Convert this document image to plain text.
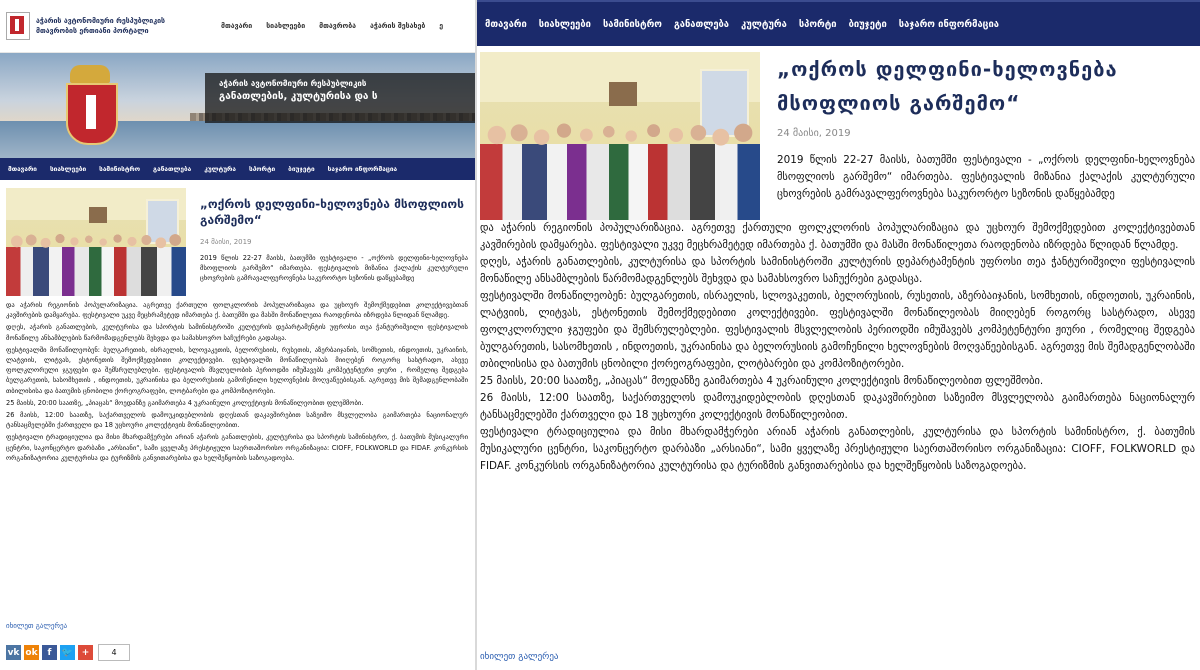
აჭარის ავტონომიური რესპუბლიკის
მთავრობის ერთიანი პორტალი
მთავარი სიახლეები მთავრობა აჭარის შესახებ ე
აჭარის ავტონომიური რესპუბლიკის
განათლების, კულტურისა და ს
მთავარი სიახლეები სამინისტრო განათლება კულტურა სპორტი ბიუჯეტი საჯარო ინფორმაცია
„ოქროს დელფინი-ხელოვნება მსოფლიოს გარშემო“
24 მაისი, 2019
2019 წლის 22-27 მაისს, ბათუმში ფესტივალი - „ოქროს დელფინი-ხელოვნება მსოფლიოს გარშემო“ იმართება. ფესტივალის მიზანია ქალაქის კულტურული ცხოვრების გამრავალფეროვნება საკურორტო სეზონის დაწყებამდე

და აჭარის რეგიონის პოპულარიზაცია. აგრეთვე ქართული ფოლკლორის პოპულარიზაცია და უცხოურ შემოქმედებით კოლექტივებთან კავშირების დამყარება. ფესტივალი უკვე მეცხრამეტედ იმართება ქ. ბათუმში და მასში მონაწილეთა რაოდენობა იზრდება წლიდან წლამდე.

დღეს, აჭარის განათლების, კულტურისა და სპორტის სამინისტროში კულტურის დეპარტამენტის უფროსი თეა ჭანტურიშვილი ფესტივალის მონაწილე ანსამბლების წარმომადგენლებს შეხვდა და სამახსოვრო საჩუქრები გადასცა.

ფესტივალში მონაწილეობენ: ბულგარეთის, ისრაელის, სლოვაკეთის, ბელორუსიის, რუსეთის, აზერბაიჯანის, სომხეთის, ინდოეთის, უკრაინის, ლატვიის, ლიტვას, ესტონეთის შემოქმედებითი კოლექტივები. ფესტივალში მონაწილეობას მიიღებენ როგორც სასტრადო, ასევე ფოლკლორული ჯგუფები და შემსრულებლები. ფესტივალის მსვლელობის პერიოდში იმუშავებს კომპეტენტური ჟიური , რომელიც შედგება ბულგარეთის, სასომხეთის , ინდოეთის, უკრაინისა და ბელორუსიის გამოჩენილი ხელოვნების მოღვაწეებისგან. აგრეთვე მის შემადგენლობაში თბილისისა და ბათუმის ცნობილი ქორეოგრაფები, ლოტბარები და კომპოზიტორები.

25 მაისს, 20:00 საათზე, „პიაცას“ მოედანზე გაიმართება 4 უკრაინული კოლექტივის მონაწილეობით ფლეშმობი.

26 მაისს, 12:00 საათზე, საქართველოს დამოუკიდებლობის დღესთან დაკავშირებით საზეიმო მსვლელობა გაიმართება ნაციონალურ ტანსაცმელებში ქართველი და 18 უცხოური კოლექტივის მონაწილეობით.

ფესტივალი ტრადიციულია და მისი მხარდამჭერები არიან აჭარის განათლების, კულტურისა და სპორტის სამინისტრო, ქ. ბათუმის მუსიკალური ცენტრი, საკონცერტო დარბაზი „არსიანი“, სამი ყველაზე პრესტიჟული საერთაშორისო ორგანიზაცია: CIOFF, FOLKWORLD და FIDAF. კონკურსის ორგანიზატორია კულტურისა და ტურიზმის განვითარებისა და ხელშეწყობის საზოგადოება.

იხილეთ გალერეა
vk ok	f	🐦 +	4
მთავარი	სიახლეები	სამინისტრო	განათლება	კულტურა	სპორტი	ბიუჯეტი	საჯარო ინფორმაცია
„ოქროს დელფინი-ხელოვნება მსოფლიოს გარშემო“
24 მაისი, 2019
2019 წლის 22-27 მაისს, ბათუმში ფესტივალი - „ოქროს დელფინი-ხელოვნება მსოფლიოს გარშემო“ იმართება. ფესტივალის მიზანია ქალაქის კულტურული ცხოვრების გამრავალფეროვნება საკურორტო სეზონის დაწყებამდე

და აჭარის რეგიონის პოპულარიზაცია. აგრეთვე ქართული ფოლკლორის პოპულარიზაცია და უცხოურ შემოქმედებით კოლექტივებთან კავშირების დამყარება. ფესტივალი უკვე მეცხრამეტედ იმართება ქ. ბათუმში და მასში მონაწილეთა რაოდენობა იზრდება წლიდან წლამდე.

დღეს, აჭარის განათლების, კულტურისა და სპორტის სამინისტროში კულტურის დეპარტამენტის უფროსი თეა ჭანტურიშვილი ფესტივალის მონაწილე ანსამბლების წარმომადგენლებს შეხვდა და სამახსოვრო საჩუქრები გადასცა.

ფესტივალში მონაწილეობენ: ბულგარეთის, ისრაელის, სლოვაკეთის, ბელორუსიის, რუსეთის, აზერბაიჯანის, სომხეთის, ინდოეთის, უკრაინის, ლატვიის, ლიტვას, ესტონეთის შემოქმედებითი კოლექტივები. ფესტივალში მონაწილეობას მიიღებენ როგორც სასტრადო, ასევე ფოლკლორული ჯგუფები და შემსრულებლები. ფესტივალის მსვლელობის პერიოდში იმუშავებს კომპეტენტური ჟიური , რომელიც შედგება ბულგარეთის, სასომხეთის , ინდოეთის, უკრაინისა და ბელორუსიის გამოჩენილი ხელოვნების მოღვაწეებისგან. აგრეთვე მის შემადგენლობაში თბილისისა და ბათუმის ცნობილი ქორეოგრაფები, ლოტბარები და კომპოზიტორები.

25 მაისს, 20:00 საათზე, „პიაცას“ მოედანზე გაიმართება 4 უკრაინული კოლექტივის მონაწილეობით ფლეშმობი.

26 მაისს, 12:00 საათზე, საქართველოს დამოუკიდებლობის დღესთან დაკავშირებით საზეიმო მსვლელობა გაიმართება ნაციონალურ ტანსაცმელებში ქართველი და 18 უცხოური კოლექტივის მონაწილეობით.

ფესტივალი ტრადიციულია და მისი მხარდამჭერები არიან აჭარის განათლების, კულტურისა და სპორტის სამინისტრო, ქ. ბათუმის მუსიკალური ცენტრი, საკონცერტო დარბაზი „არსიანი“, სამი ყველაზე პრესტიჟული საერთაშორისო ორგანიზაცია: CIOFF, FOLKWORLD და FIDAF. კონკურსის ორგანიზატორია კულტურისა და ტურიზმის განვითარებისა და ხელშეწყობის საზოგადოება.

იხილეთ გალერეა
